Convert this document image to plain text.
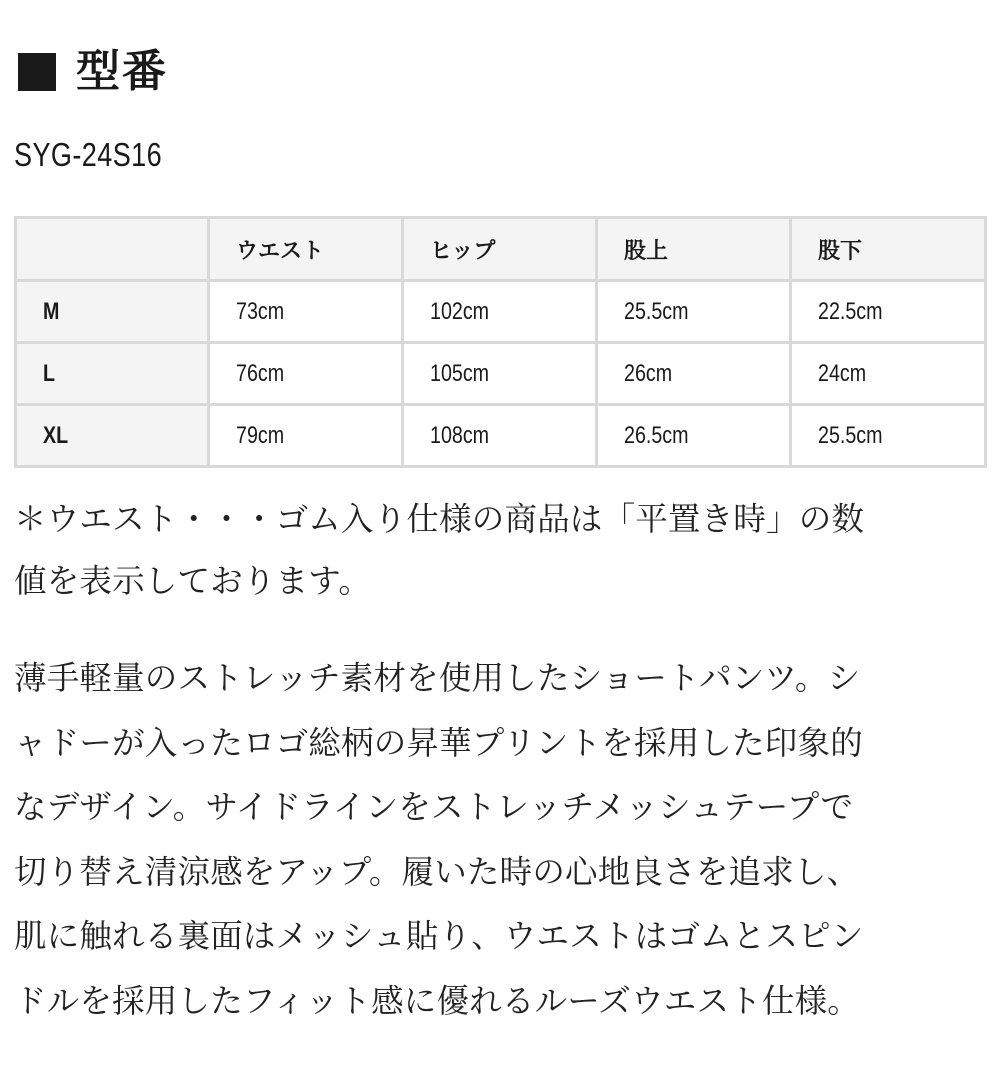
型番
SYG-24S16
	ウエスト	ヒップ	股上	股下
M	73cm	102cm	25.5cm	22.5cm
L	76cm	105cm	26cm	24cm
XL	79cm	108cm	26.5cm	25.5cm
＊ウエスト・・・ゴム入り仕様の商品は「平置き時」の数
値を表示しております。
薄手軽量のストレッチ素材を使用したショートパンツ。シ
ャドーが入ったロゴ総柄の昇華プリントを採用した印象的
なデザイン。サイドラインをストレッチメッシュテープで
切り替え清涼感をアップ。履いた時の心地良さを追求し、
肌に触れる裏面はメッシュ貼り、ウエストはゴムとスピン
ドルを採用したフィット感に優れるルーズウエスト仕様。
